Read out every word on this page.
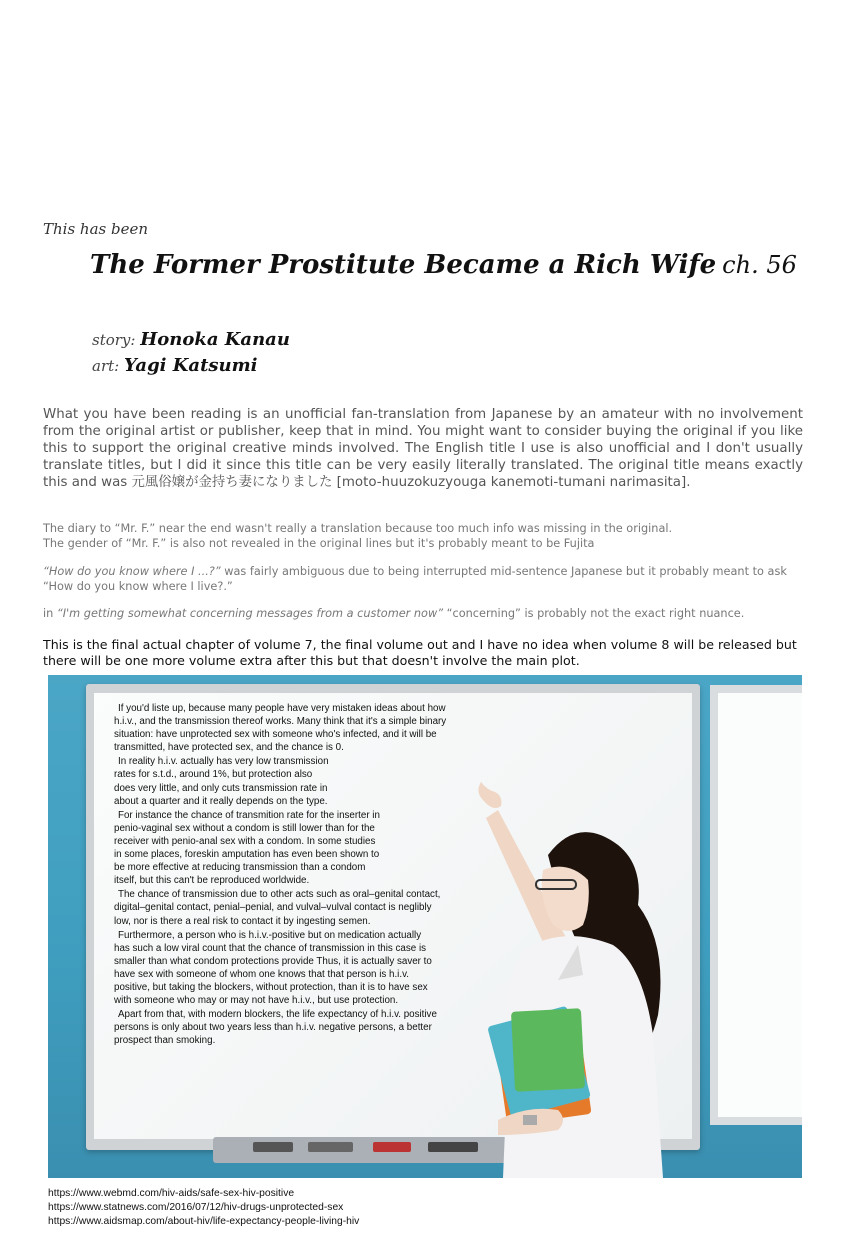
This has been
The Former Prostitute Became a Rich Wife ch. 56
story: Honoka Kanau
art: Yagi Katsumi
What you have been reading is an unofficial fan-translation from Japanese by an amateur with no involvement from the original artist or publisher, keep that in mind. You might want to consider buying the original if you like this to support the original creative minds involved. The English title I use is also unofficial and I don't usually translate titles, but I did it since this title can be very easily literally translated. The original title means exactly this and was 元風俗嬢が金持ち妻になりました [moto-huuzokuzyouga kanemoti-tumani narimasita].
The diary to “Mr. F.” near the end wasn't really a translation because too much info was missing in the original.
The gender of “Mr. F.” is also not revealed in the original lines but it's probably meant to be Fujita
“How do you know where I ...?” was fairly ambiguous due to being interrupted mid-sentence Japanese but it probably meant to ask “How do you know where I live?.”
in “I'm getting somewhat concerning messages from a customer now” “concerning” is probably not the exact right nuance.
This is the final actual chapter of volume 7, the final volume out and I have no idea when volume 8 will be released but there will be one more volume extra after this but that doesn't involve the main plot.

If you'd liste up, because many people have very mistaken ideas about how h.i.v., and the transmission thereof works. Many think that it's a simple binary situation: have unprotected sex with someone who's infected, and it will be transmitted, have protected sex, and the chance is 0.

In reality h.i.v. actually has very low transmission rates for s.t.d., around 1%, but protection also does very little, and only cuts transmission rate in about a quarter and it really depends on the type.

For instance the chance of transmition rate for the inserter in penio-vaginal sex without a condom is still lower than for the receiver with penio-anal sex with a condom. In some studies in some places, foreskin amputation has even been shown to be more effective at reducing transmission than a condom itself, but this can't be reproduced worldwide.

The chance of transmission due to other acts such as oral–genital contact, digital–genital contact, penial–penial, and vulval–vulval contact is neglibly low, nor is there a real risk to contact it by ingesting semen.

Furthermore, a person who is h.i.v.-positive but on medication actually has such a low viral count that the chance of transmission in this case is smaller than what condom protections provide Thus, it is actually saver to have sex with someone of whom one knows that that person is h.i.v. positive, but taking the blockers, without protection, than it is to have sex with someone who may or may not have h.i.v., but use protection.

Apart from that, with modern blockers, the life expectancy of h.i.v. positive persons is only about two years less than h.i.v. negative persons, a better prospect than smoking.

https://www.webmd.com/hiv-aids/safe-sex-hiv-positive
https://www.statnews.com/2016/07/12/hiv-drugs-unprotected-sex
https://www.aidsmap.com/about-hiv/life-expectancy-people-living-hiv
